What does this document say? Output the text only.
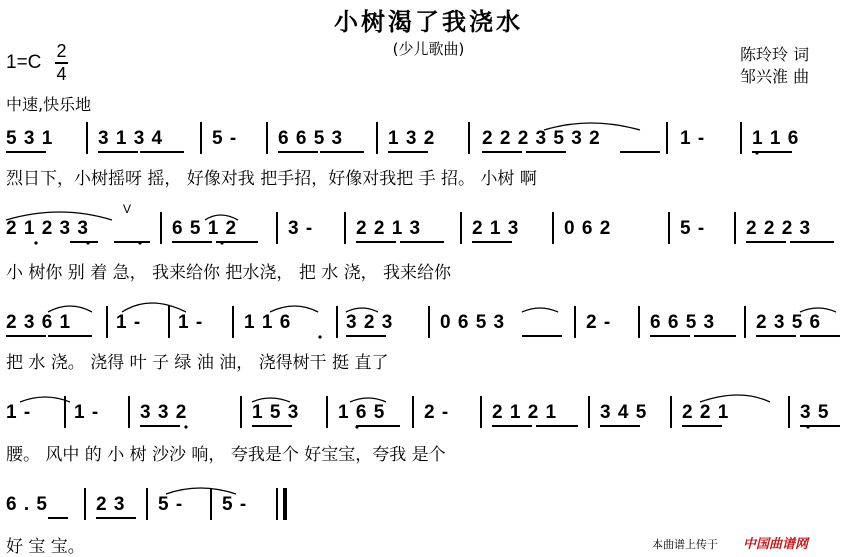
小树渴了我浇水
(少儿歌曲)
1=C
2
4
陈玲玲 词
邹兴淮 曲
中速,快乐地
5 3 1 3 1 3 4	5 - 6 6 5 3 1 3 2 2 2 2 3 5 3 2	1 - 1 1 6
烈日下，小树摇呀 摇， 好像对我 把手招，好像对我把 手 招。 小树 啊
2 1 2 3 3	6 5 1 2	3 - 2 2 1 3	2 1 3 0 6 2	5 - 2 2 2 3
V
小 树你 别 着 急， 我来给你 把水浇， 把 水 浇， 我来给你
2 3 6 1 1 - 1 - 1 1 6	3 2 3 0 6 5 3	2 - 6 6 5 3 2 3 5 6
把 水 浇。 浇得 叶 子 绿 油 油， 浇得树干 挺 直了
1 - 1 - 3 3 2	1 5 3 1 6 5 2 - 2 1 2 1 3 4 5 2 2 1	3 5
腰。 风中 的 小 树 沙沙 响， 夸我是个 好宝宝，夸我 是个
6 . 5	2 3 5 - 5 -
好 宝 宝。	本曲谱上传于 中国曲谱网
